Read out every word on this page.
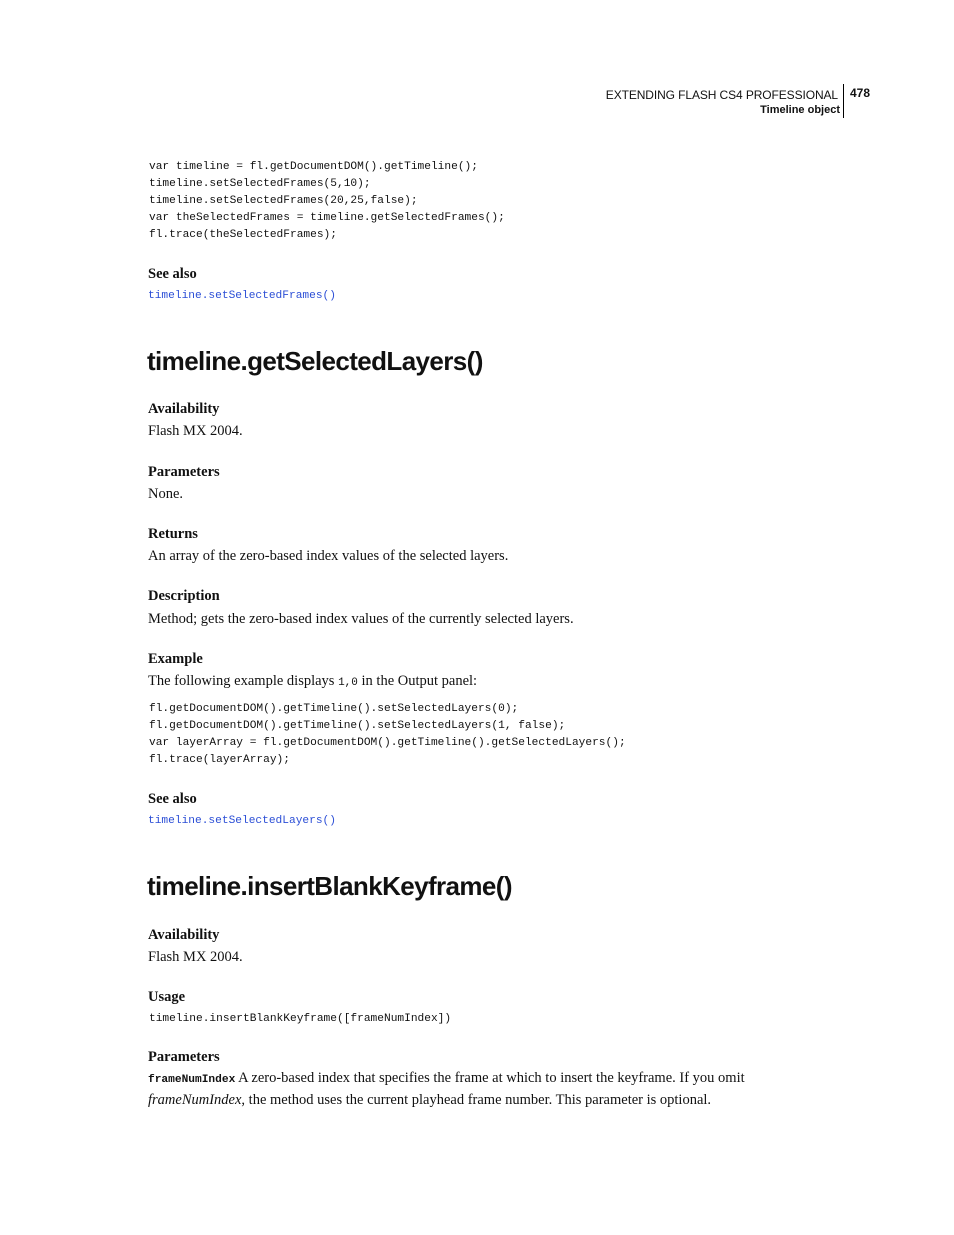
EXTENDING FLASH CS4 PROFESSIONAL
Timeline object
478
var timeline = fl.getDocumentDOM().getTimeline();
timeline.setSelectedFrames(5,10);
timeline.setSelectedFrames(20,25,false);
var theSelectedFrames = timeline.getSelectedFrames();
fl.trace(theSelectedFrames);
See also
timeline.setSelectedFrames()
timeline.getSelectedLayers()
Availability
Flash MX 2004.
Parameters
None.
Returns
An array of the zero-based index values of the selected layers.
Description
Method; gets the zero-based index values of the currently selected layers.
Example
The following example displays 1,0 in the Output panel:
fl.getDocumentDOM().getTimeline().setSelectedLayers(0);
fl.getDocumentDOM().getTimeline().setSelectedLayers(1, false);
var layerArray = fl.getDocumentDOM().getTimeline().getSelectedLayers();
fl.trace(layerArray);
See also
timeline.setSelectedLayers()
timeline.insertBlankKeyframe()
Availability
Flash MX 2004.
Usage
timeline.insertBlankKeyframe([frameNumIndex])
Parameters
frameNumIndex A zero-based index that specifies the frame at which to insert the keyframe. If you omit frameNumIndex, the method uses the current playhead frame number. This parameter is optional.
